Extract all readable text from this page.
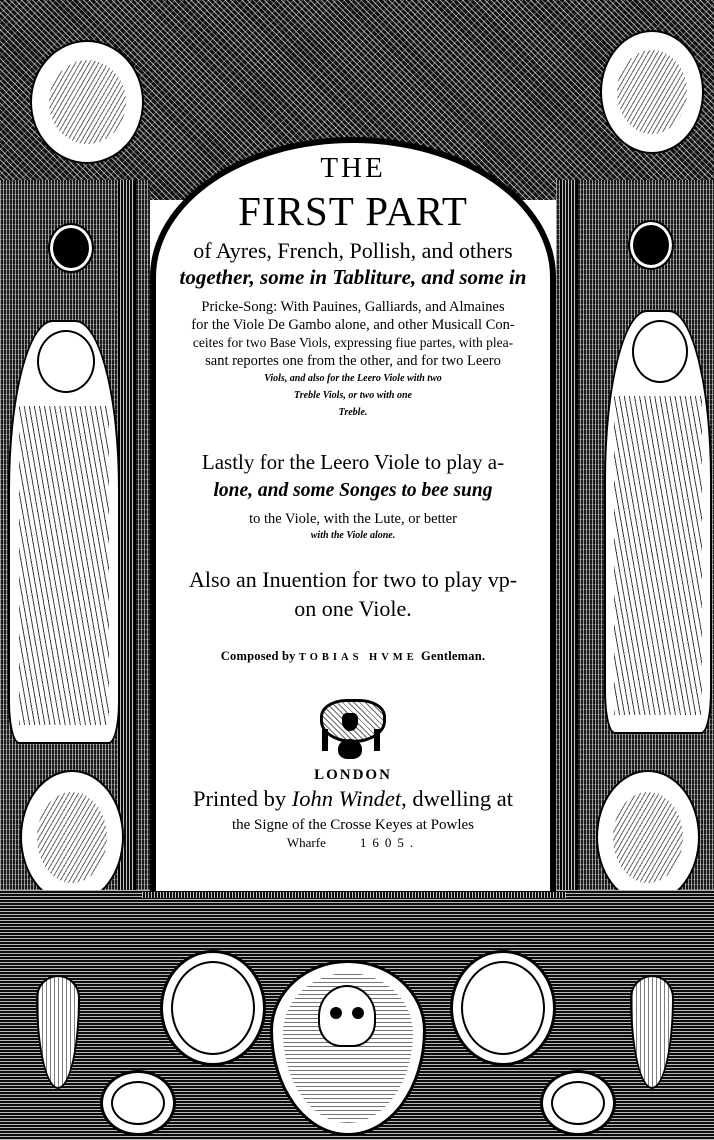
THE
FIRST PART
of Ayres, French, Pollish, and others
together, some in Tabliture, and some in
Pricke-Song: With Pauines, Galliards, and Almaines
for the Viole De Gambo alone, and other Musicall Con-
ceites for two Base Viols, expressing fiue partes, with plea-
sant reportes one from the other, and for two Leero
Viols, and also for the Leero Viole with two
Treble Viols, or two with one
Treble.
Lastly for the Leero Viole to play a-
lone, and some Songes to bee sung
to the Viole, with the Lute, or better
with the Viole alone.
Also an Inuention for two to play vp-
on one Viole.
Composed by TOBIAS HVME Gentleman.
LONDON
Printed by Iohn Windet, dwelling at
the Signe of the Crosse Keyes at Powles
Wharfe	1605.
